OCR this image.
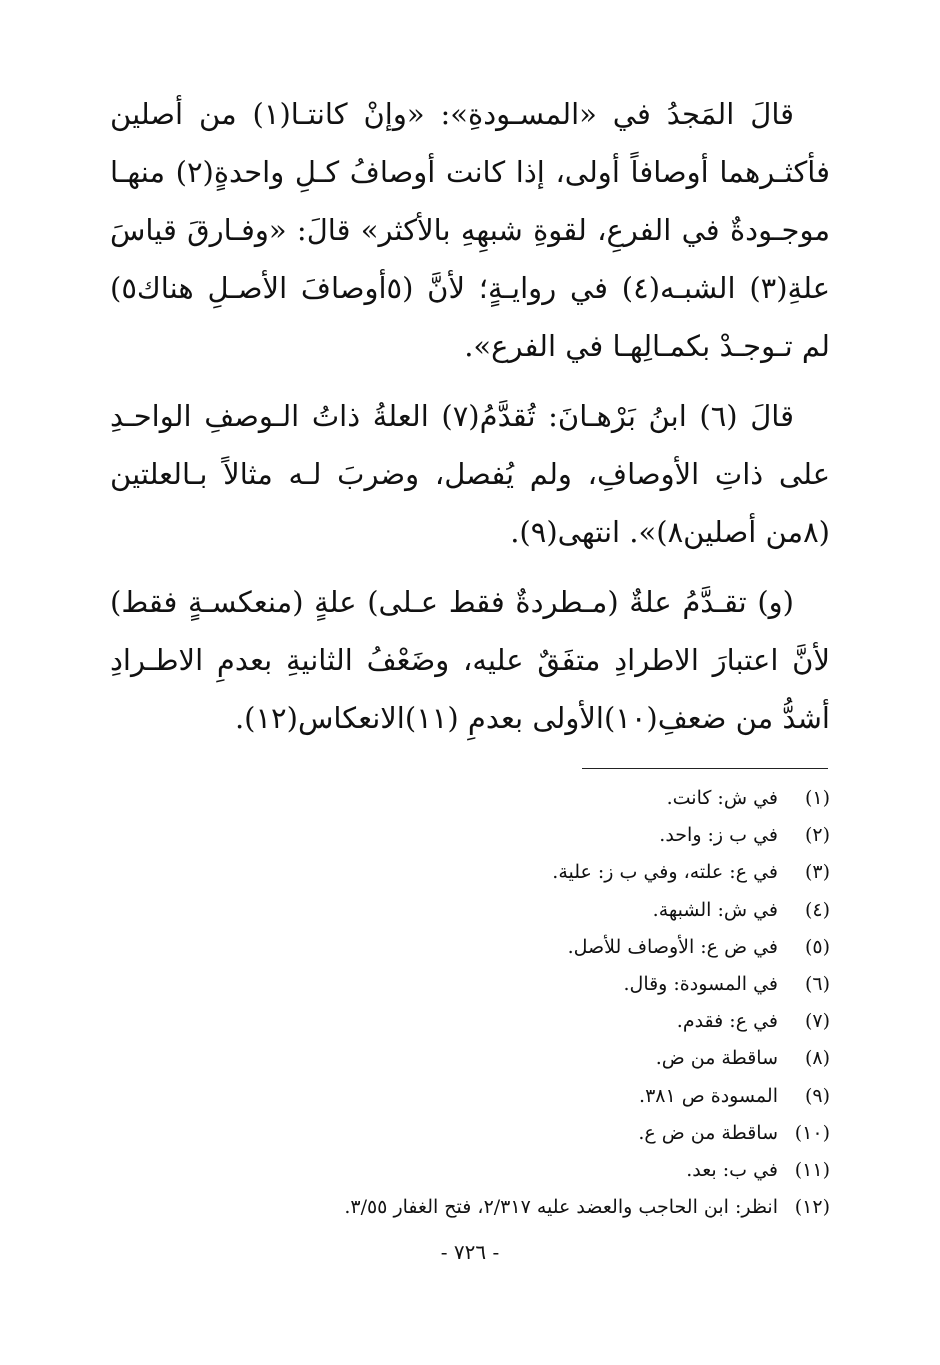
قالَ المَجدُ في «المسـودةِ»: «وإنْ كانتـا(١) من أصلين فأكثـرهما أوصافاً أولى، إذا كانت أوصافُ كـلِ واحدةٍ(٢) منهـا موجـودةٌ في الفرعِ، لقوةِ شبهِهِ بالأكثر» قالَ: «وفـارقَ قياسَ علةِ(٣) الشبـه(٤) في روايـةٍ؛ لأنَّ (٥أوصافَ الأصـلِ هناك٥) لم تـوجـدْ بكمـالِهـا في الفرع».

قالَ (٦) ابنُ بَرْهـانَ: تُقدَّمُ(٧) العلةُ ذاتُ الـوصفِ الواحـدِ على ذاتِ الأوصافِ، ولم يُفصل، وضربَ لـه مثالاً بـالعلتين (٨من أصلين٨)». انتهى(٩).

(و) تقـدَّمُ علةٌ (مـطردةٌ فقط عـلى) علةٍ (منعكسـةٍ فقط) لأنَّ اعتبارَ الاطرادِ متفَقٌ عليه، وضَعْفُ الثانيةِ بعدمِ الاطـرادِ أشدُّ من ضعفِ(١٠)الأولى بعدمِ (١١)الانعكاس(١٢).

(١)في ش: كانت.
(٢)في ب ز: واحد.
(٣)في ع: علته، وفي ب ز: علية.
(٤)في ش: الشبهة.
(٥)في ض ع: الأوصاف للأصل.
(٦)في المسودة: وقال.
(٧)في ع: فقدم.
(٨)ساقطة من ض.
(٩)المسودة ص ٣٨١.
(١٠)ساقطة من ض ع.
(١١)في ب: بعد.
(١٢)انظر: ابن الحاجب والعضد عليه ٢/٣١٧، فتح الغفار ٣/٥٥.
- ٧٢٦ -
